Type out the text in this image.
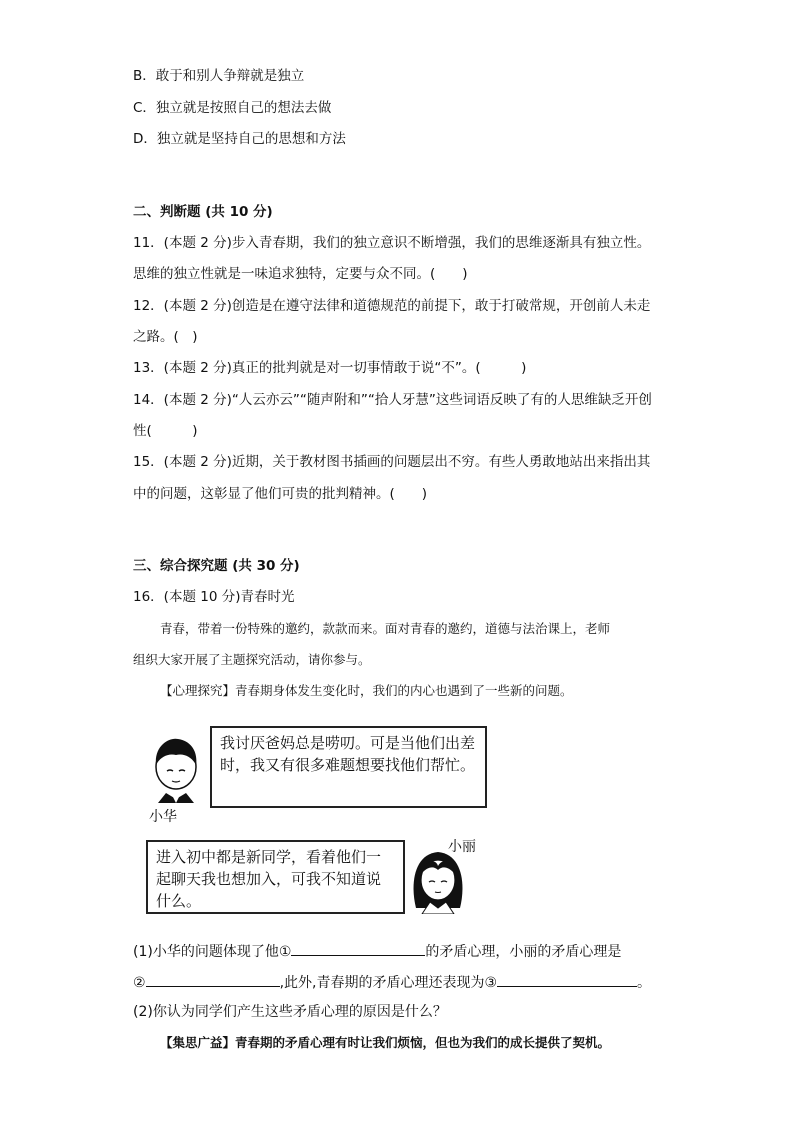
B．敢于和别人争辩就是独立
C．独立就是按照自己的想法去做
D．独立就是坚持自己的思想和方法
二、判断题 (共 10 分)
11．(本题 2 分)步入青春期，我们的独立意识不断增强，我们的思维逐渐具有独立性。
思维的独立性就是一味追求独特，定要与众不同。(　　)
12．(本题 2 分)创造是在遵守法律和道德规范的前提下，敢于打破常规，开创前人未走
之路。(　)
13．(本题 2 分)真正的批判就是对一切事情敢于说“不”。(　　　)
14．(本题 2 分)“人云亦云”“随声附和”“拾人牙慧”这些词语反映了有的人思维缺乏开创
性(　　　)
15．(本题 2 分)近期，关于教材图书插画的问题层出不穷。有些人勇敢地站出来指出其
中的问题，这彰显了他们可贵的批判精神。(　　)
三、综合探究题 (共 30 分)
16．(本题 10 分)青春时光
青春，带着一份特殊的邀约，款款而来。面对青春的邀约，道德与法治课上，老师
组织大家开展了主题探究活动，请你参与。
【心理探究】青春期身体发生变化时，我们的内心也遇到了一些新的问题。
我讨厌爸妈总是唠叨。可是当他们出差时，我又有很多难题想要找他们帮忙。
小华
进入初中都是新同学，看着他们一起聊天我也想加入，可我不知道说什么。
小丽
(1)小华的问题体现了他①	的矛盾心理，小丽的矛盾心理是
②	,此外,青春期的矛盾心理还表现为③	。
(2)你认为同学们产生这些矛盾心理的原因是什么？
【集思广益】青春期的矛盾心理有时让我们烦恼，但也为我们的成长提供了契机。
